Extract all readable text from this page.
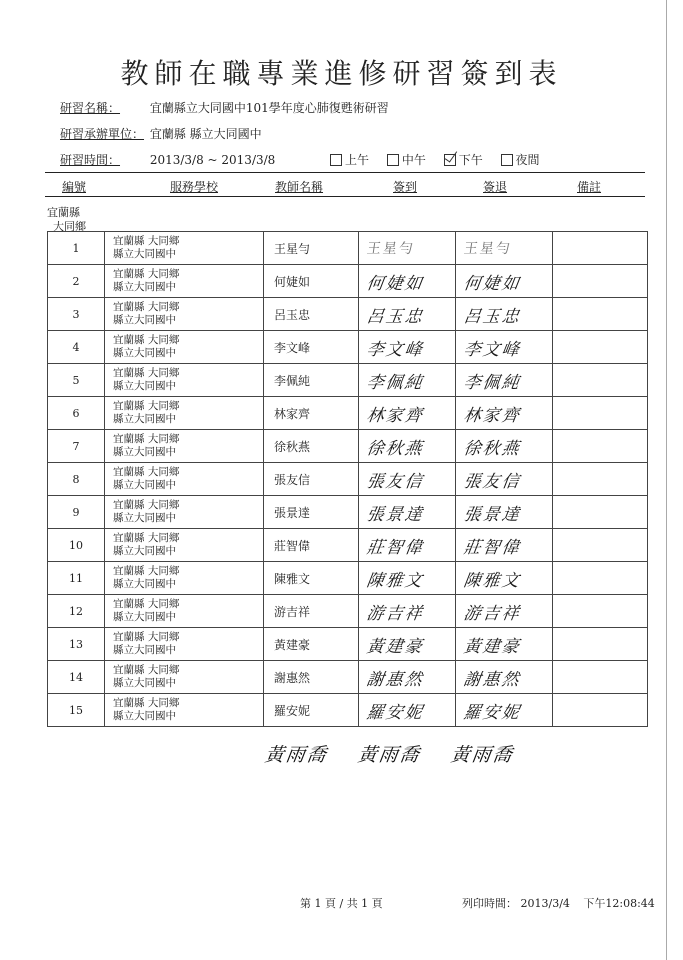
教師在職專業進修研習簽到表
研習名稱： 宜蘭縣立大同國中101學年度心肺復甦術研習
研習承辦單位： 宜蘭縣 縣立大同國中
研習時間： 2013/3/8 ~ 2013/3/8	上午
	中午
	下午
	夜間
編號	服務學校	教師名稱	簽到	簽退	備註
宜蘭縣
大同鄉
1	宜蘭縣 大同鄉
縣立大同國中	王星勻	王星勻	王星勻	
2	宜蘭縣 大同鄉
縣立大同國中	何婕如	何婕如	何婕如	
3	宜蘭縣 大同鄉
縣立大同國中	呂玉忠	呂玉忠	呂玉忠	
4	宜蘭縣 大同鄉
縣立大同國中	李文峰	李文峰	李文峰	
5	宜蘭縣 大同鄉
縣立大同國中	李佩純	李佩純	李佩純	
6	宜蘭縣 大同鄉
縣立大同國中	林家齊	林家齊	林家齊	
7	宜蘭縣 大同鄉
縣立大同國中	徐秋燕	徐秋燕	徐秋燕	
8	宜蘭縣 大同鄉
縣立大同國中	張友信	張友信	張友信	
9	宜蘭縣 大同鄉
縣立大同國中	張景達	張景達	張景達	
10	宜蘭縣 大同鄉
縣立大同國中	莊智偉	莊智偉	莊智偉	
11	宜蘭縣 大同鄉
縣立大同國中	陳雅文	陳雅文	陳雅文	
12	宜蘭縣 大同鄉
縣立大同國中	游吉祥	游吉祥	游吉祥	
13	宜蘭縣 大同鄉
縣立大同國中	黃建豪	黃建豪	黃建豪	
14	宜蘭縣 大同鄉
縣立大同國中	謝惠然	謝惠然	謝惠然	
15	宜蘭縣 大同鄉
縣立大同國中	羅安妮	羅安妮	羅安妮	
黃雨喬 黃雨喬 黃雨喬
第 1 頁 / 共 1 頁	列印時間： 2013/3/4 下午12:08:44
